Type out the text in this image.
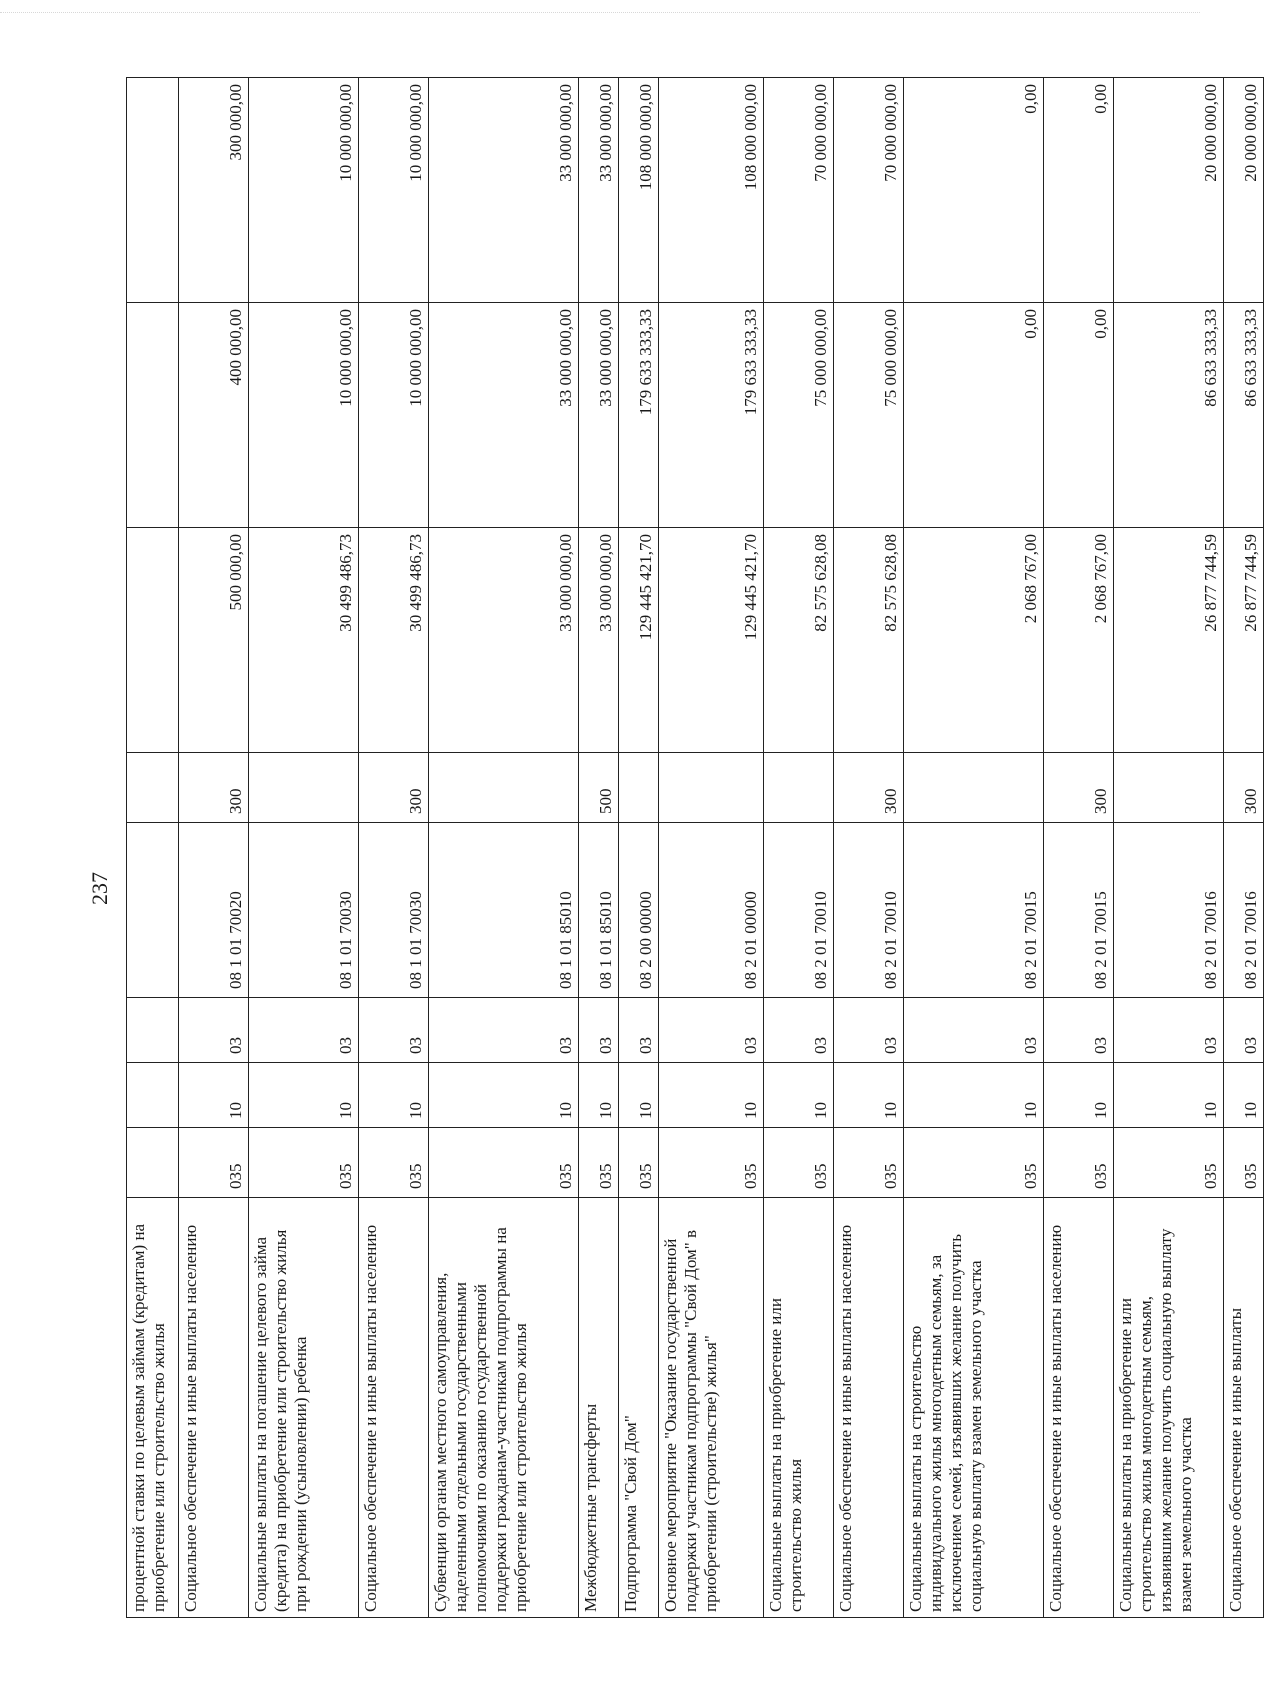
237
процентной ставки по целевым займам (кредитам) на приобретение или строительство жилья								
Социальное обеспечение и иные выплаты населению	035	10	03	08 1 01 70020	300	500 000,00	400 000,00	300 000,00
Социальные выплаты на погашение целевого займа (кредита) на приобретение или строительство жилья при рождении (усыновлении) ребенка	035	10	03	08 1 01 70030		30 499 486,73	10 000 000,00	10 000 000,00
Социальное обеспечение и иные выплаты населению	035	10	03	08 1 01 70030	300	30 499 486,73	10 000 000,00	10 000 000,00
Субвенции органам местного самоуправления, наделенными отдельными государственными полномочиями по оказанию государственной поддержки гражданам-участникам подпрограммы на приобретение или строительство жилья	035	10	03	08 1 01 85010		33 000 000,00	33 000 000,00	33 000 000,00
Межбюджетные трансферты	035	10	03	08 1 01 85010	500	33 000 000,00	33 000 000,00	33 000 000,00
Подпрограмма "Свой Дом"	035	10	03	08 2 00 00000		129 445 421,70	179 633 333,33	108 000 000,00
Основное мероприятие "Оказание государственной поддержки участникам подпрограммы "Свой Дом" в приобретении (строительстве) жилья"	035	10	03	08 2 01 00000		129 445 421,70	179 633 333,33	108 000 000,00
Социальные выплаты на приобретение или строительство жилья	035	10	03	08 2 01 70010		82 575 628,08	75 000 000,00	70 000 000,00
Социальное обеспечение и иные выплаты населению	035	10	03	08 2 01 70010	300	82 575 628,08	75 000 000,00	70 000 000,00
Социальные выплаты на строительство индивидуального жилья многодетным семьям, за исключением семей, изъявивших желание получить социальную выплату взамен земельного участка	035	10	03	08 2 01 70015		2 068 767,00	0,00	0,00
Социальное обеспечение и иные выплаты населению	035	10	03	08 2 01 70015	300	2 068 767,00	0,00	0,00
Социальные выплаты на приобретение или строительство жилья многодетным семьям, изъявившим желание получить социальную выплату взамен земельного участка	035	10	03	08 2 01 70016		26 877 744,59	86 633 333,33	20 000 000,00
Социальное обеспечение и иные выплаты	035	10	03	08 2 01 70016	300	26 877 744,59	86 633 333,33	20 000 000,00
